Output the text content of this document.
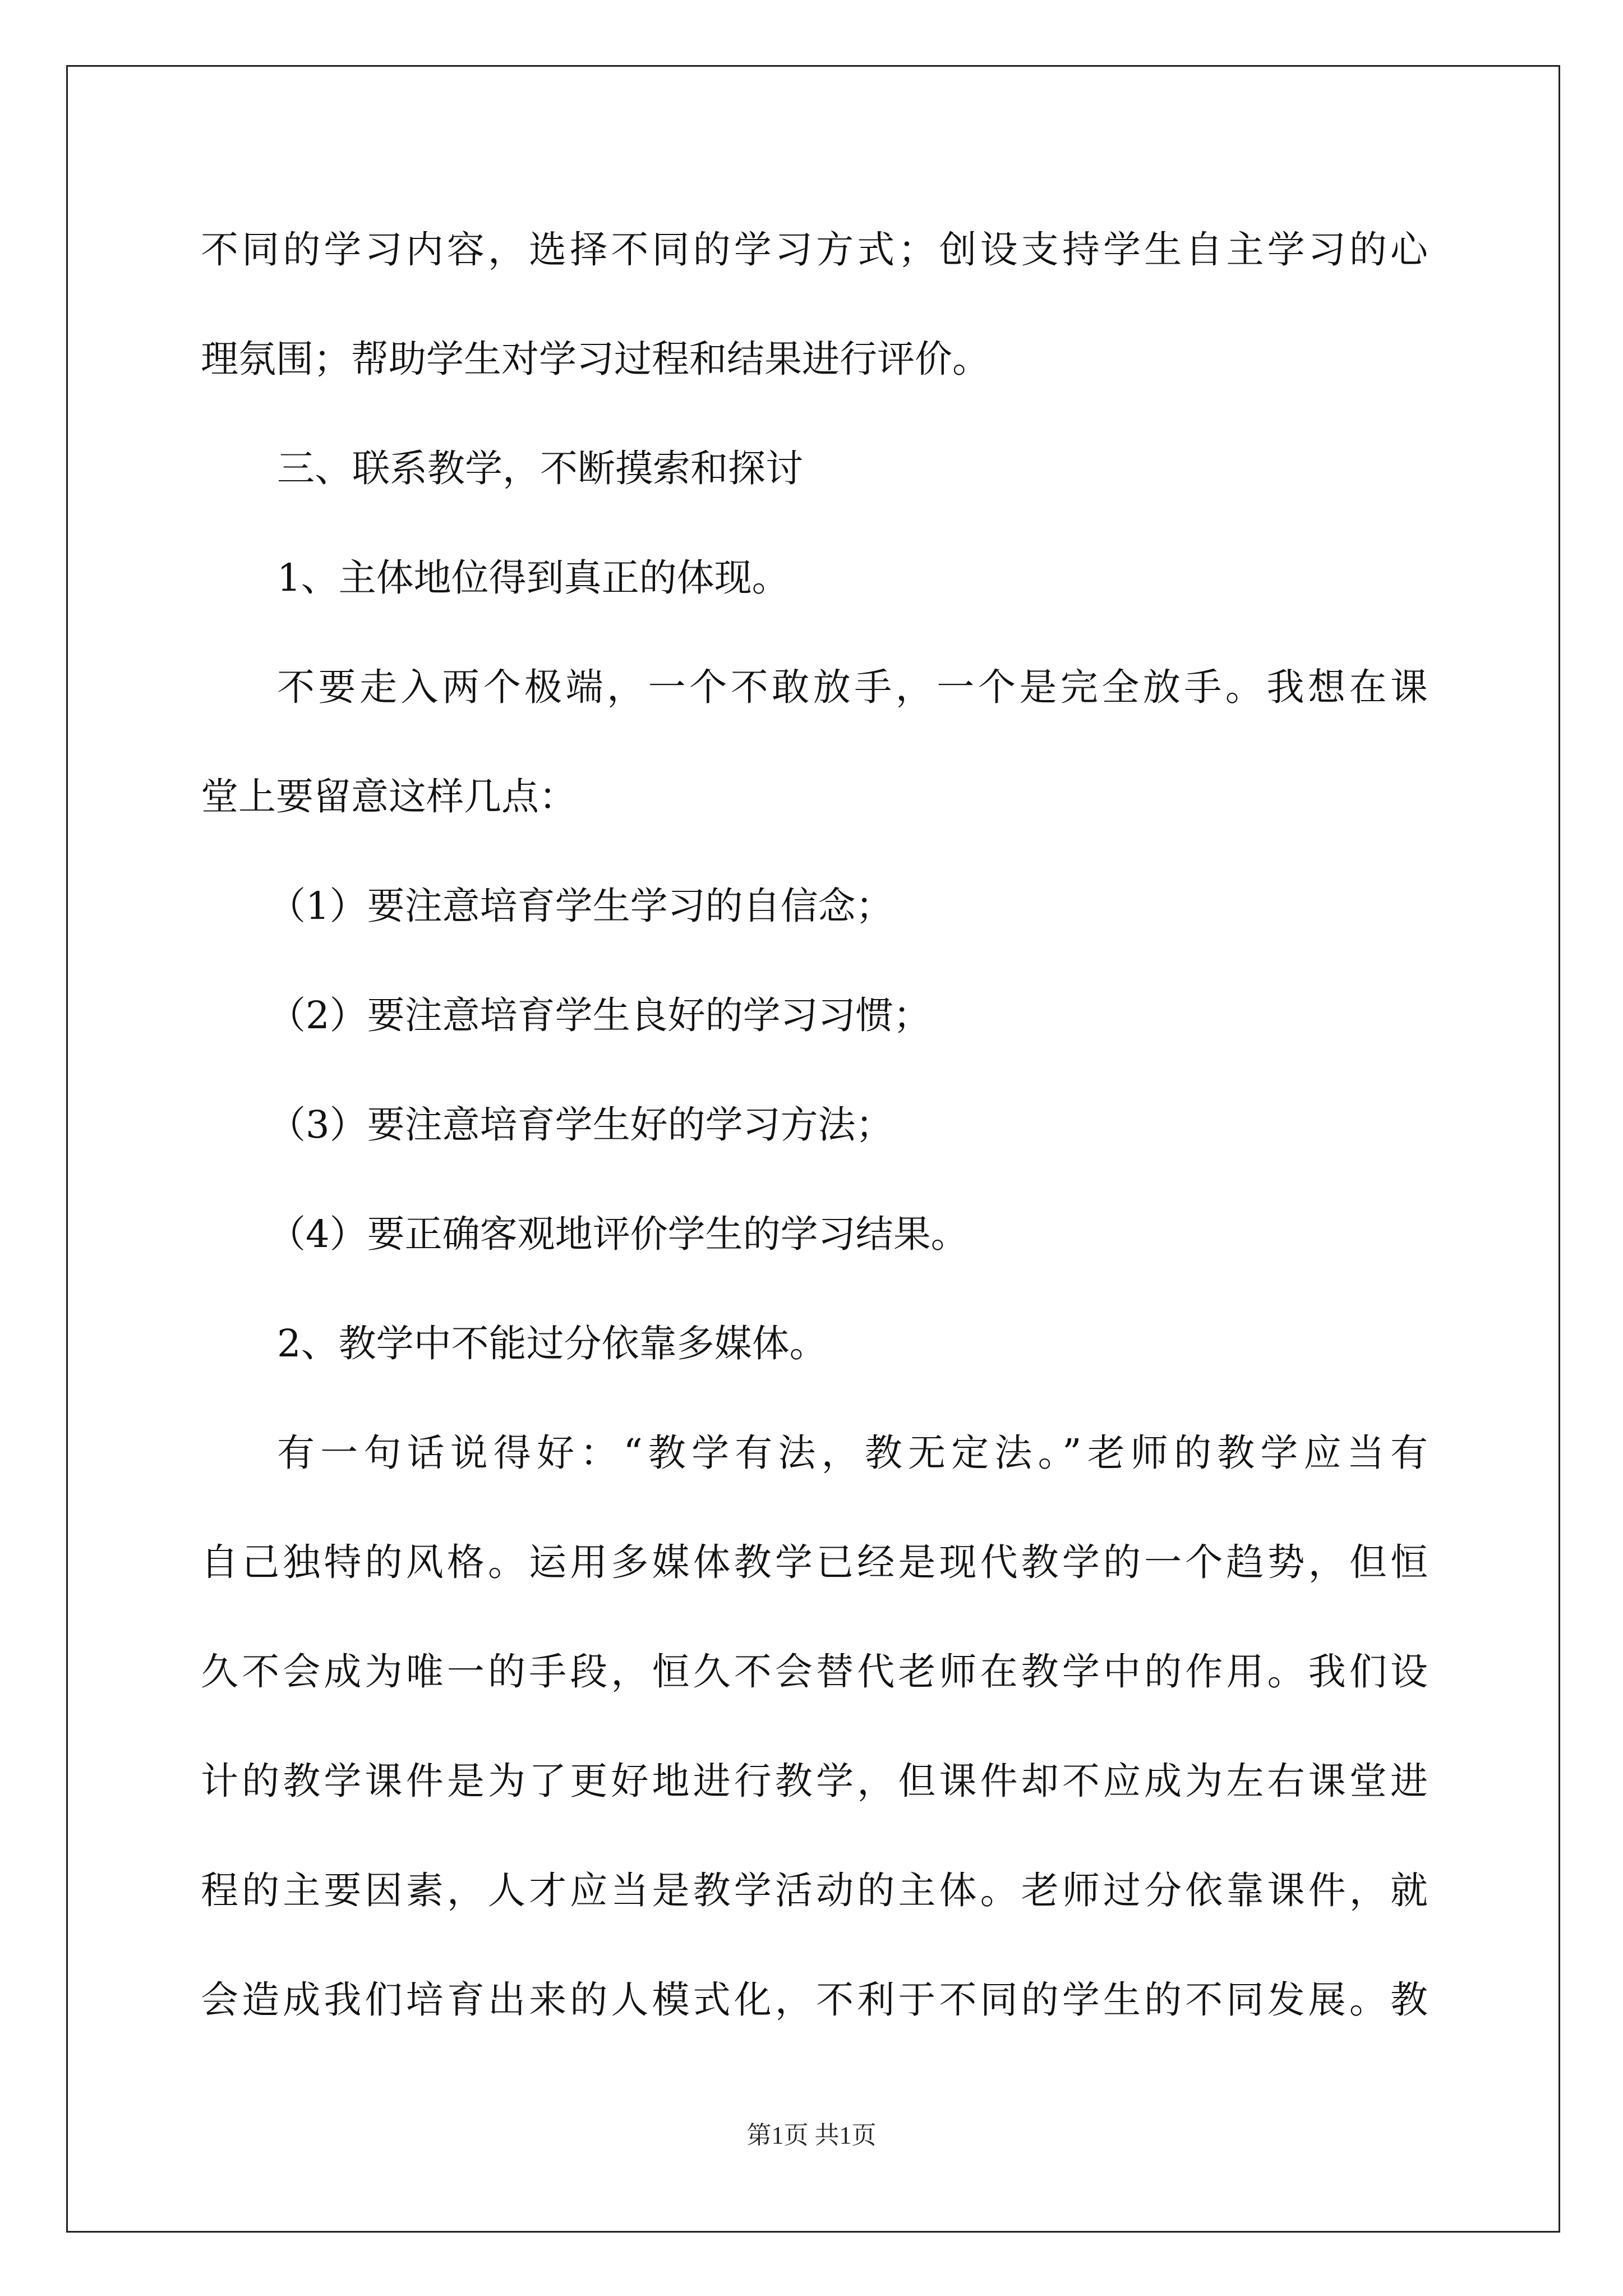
不同的学习内容，选择不同的学习方式；创设支持学生自主学习的心
理氛围；帮助学生对学习过程和结果进行评价。
三、联系教学，不断摸索和探讨
1、主体地位得到真正的体现。
不要走入两个极端，一个不敢放手，一个是完全放手。我想在课
堂上要留意这样几点：
（1）要注意培育学生学习的自信念；
（2）要注意培育学生良好的学习习惯；
（3）要注意培育学生好的学习方法；
（4）要正确客观地评价学生的学习结果。
2、教学中不能过分依靠多媒体。
有一句话说得好：“教学有法，教无定法。”老师的教学应当有
自己独特的风格。运用多媒体教学已经是现代教学的一个趋势，但恒
久不会成为唯一的手段，恒久不会替代老师在教学中的作用。我们设
计的教学课件是为了更好地进行教学，但课件却不应成为左右课堂进
程的主要因素，人才应当是教学活动的主体。老师过分依靠课件，就
会造成我们培育出来的人模式化，不利于不同的学生的不同发展。教
第1页 共1页
